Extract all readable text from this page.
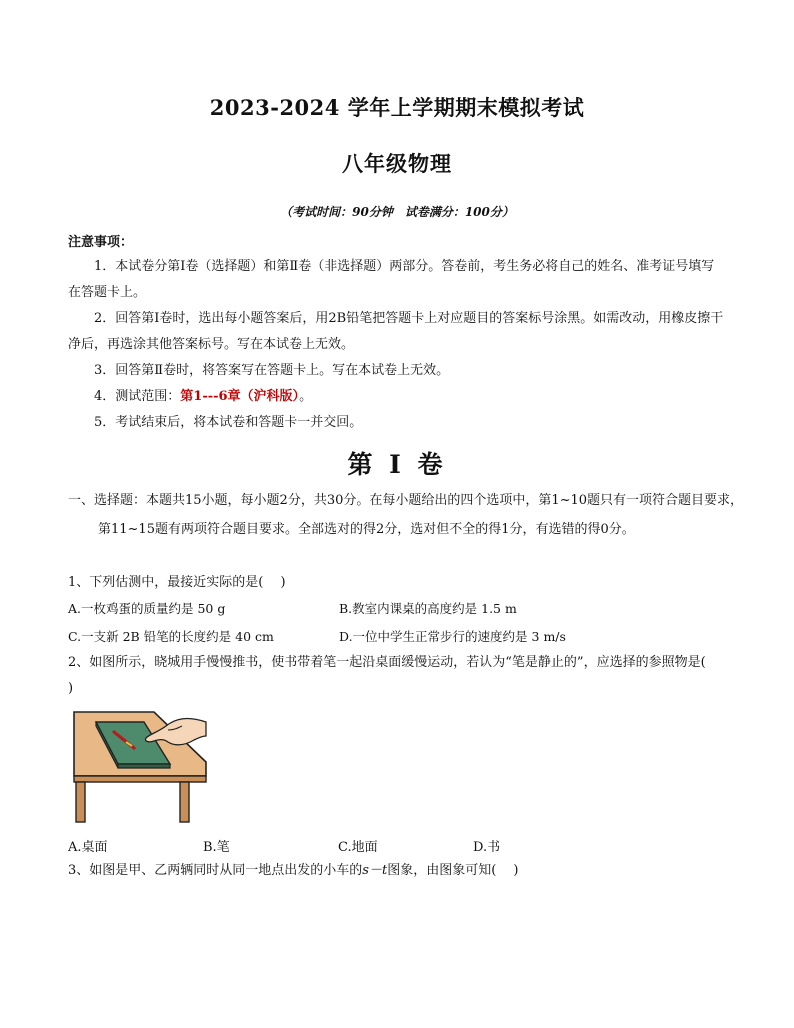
2023-2024 学年上学期期末模拟考试
八年级物理
（考试时间：90分钟　试卷满分：100分）
注意事项：
1．本试卷分第Ⅰ卷（选择题）和第Ⅱ卷（非选择题）两部分。答卷前，考生务必将自己的姓名、准考证号填写在答题卡上。
2．回答第Ⅰ卷时，选出每小题答案后，用2B铅笔把答题卡上对应题目的答案标号涂黑。如需改动，用橡皮擦干净后，再选涂其他答案标号。写在本试卷上无效。
3．回答第Ⅱ卷时，将答案写在答题卡上。写在本试卷上无效。
4．测试范围：第1---6章（沪科版）。
5．考试结束后，将本试卷和答题卡一并交回。
第 I 卷
一、选择题：本题共15小题，每小题2分，共30分。在每小题给出的四个选项中，第1~10题只有一项符合题目要求，第11~15题有两项符合题目要求。全部选对的得2分，选对但不全的得1分，有选错的得0分。
1、下列估测中，最接近实际的是(　 )
A.一枚鸡蛋的质量约是 50 g	B.教室内课桌的高度约是 1.5 m
C.一支新 2B 铅笔的长度约是 40 cm	D.一位中学生正常步行的速度约是 3 m/s
2、如图所示，晓城用手慢慢推书，使书带着笔一起沿桌面缓慢运动，若认为“笔是静止的”，应选择的参照物是(　 )
A.桌面	B.笔	C.地面	D.书
3、如图是甲、乙两辆同时从同一地点出发的小车的s－t图象，由图象可知(　 )
